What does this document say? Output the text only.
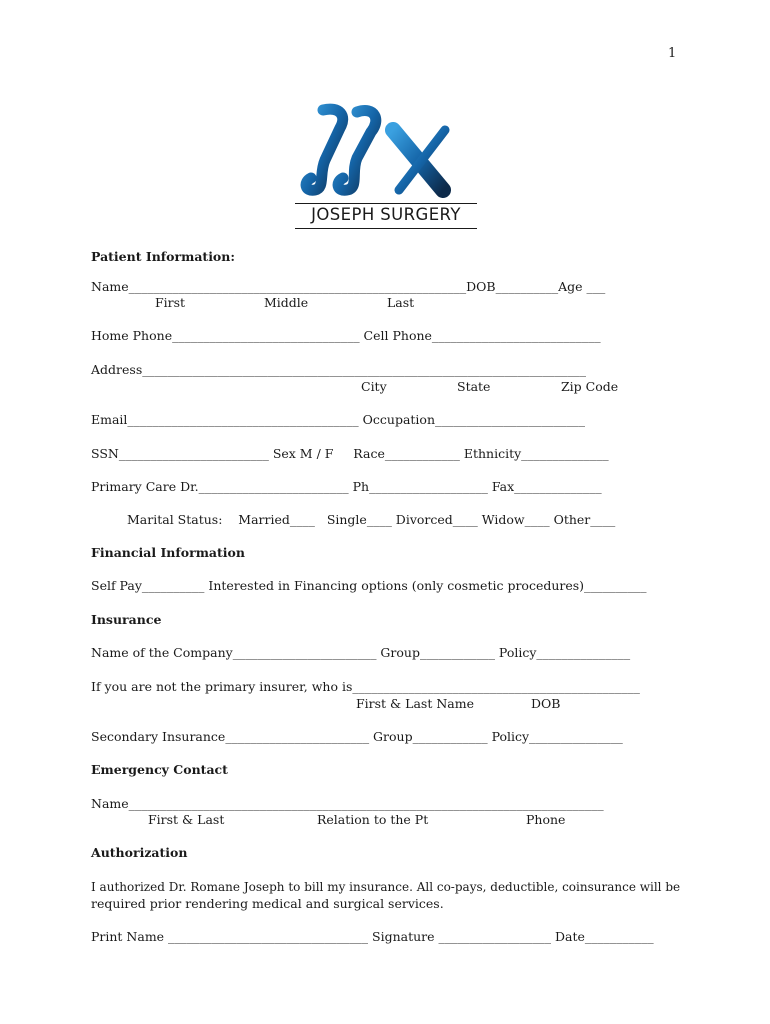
1
JOSEPH SURGERY
Patient Information:
Name______________________________________________________DOB__________Age ___
First	Middle	Last
Home Phone______________________________ Cell Phone___________________________
Address_______________________________________________________________________
City	State	Zip Code
Email_____________________________________ Occupation________________________
SSN________________________ Sex M / F     Race____________ Ethnicity______________
Primary Care Dr.________________________ Ph___________________ Fax______________
Marital Status:    Married____   Single____ Divorced____ Widow____ Other____
Financial Information
Self Pay__________ Interested in Financing options (only cosmetic procedures)__________
Insurance
Name of the Company_______________________ Group____________ Policy_______________
If you are not the primary insurer, who is______________________________________________
First & Last Name	DOB
Secondary Insurance_______________________ Group____________ Policy_______________
Emergency Contact
Name____________________________________________________________________________
First & Last	Relation to the Pt	Phone
Authorization
I authorized Dr. Romane Joseph to bill my insurance. All co-pays, deductible, coinsurance will be
required prior rendering medical and surgical services.
Print Name ________________________________ Signature __________________ Date___________
